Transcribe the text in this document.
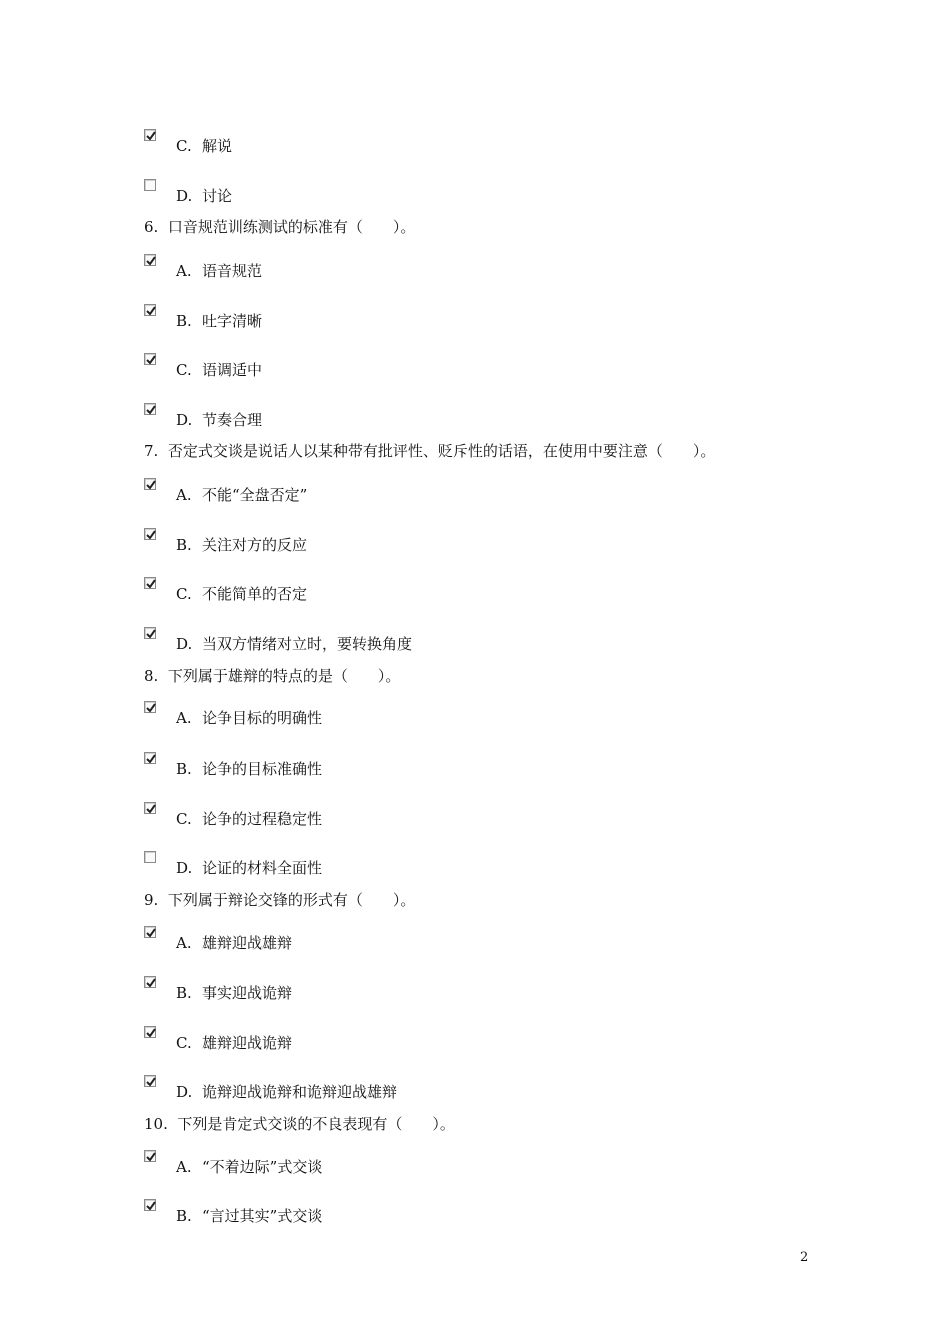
C. 解说
D. 讨论
6. 口音规范训练测试的标准有（　　）。
A. 语音规范
B. 吐字清晰
C. 语调适中
D. 节奏合理
7. 否定式交谈是说话人以某种带有批评性、贬斥性的话语，在使用中要注意（　　）。
A. 不能“全盘否定”
B. 关注对方的反应
C. 不能简单的否定
D. 当双方情绪对立时，要转换角度
8. 下列属于雄辩的特点的是（　　）。
A. 论争目标的明确性
B. 论争的目标准确性
C. 论争的过程稳定性
D. 论证的材料全面性
9. 下列属于辩论交锋的形式有（　　）。
A. 雄辩迎战雄辩
B. 事实迎战诡辩
C. 雄辩迎战诡辩
D. 诡辩迎战诡辩和诡辩迎战雄辩
10. 下列是肯定式交谈的不良表现有（　　）。
A. “不着边际”式交谈
B. “言过其实”式交谈
2
